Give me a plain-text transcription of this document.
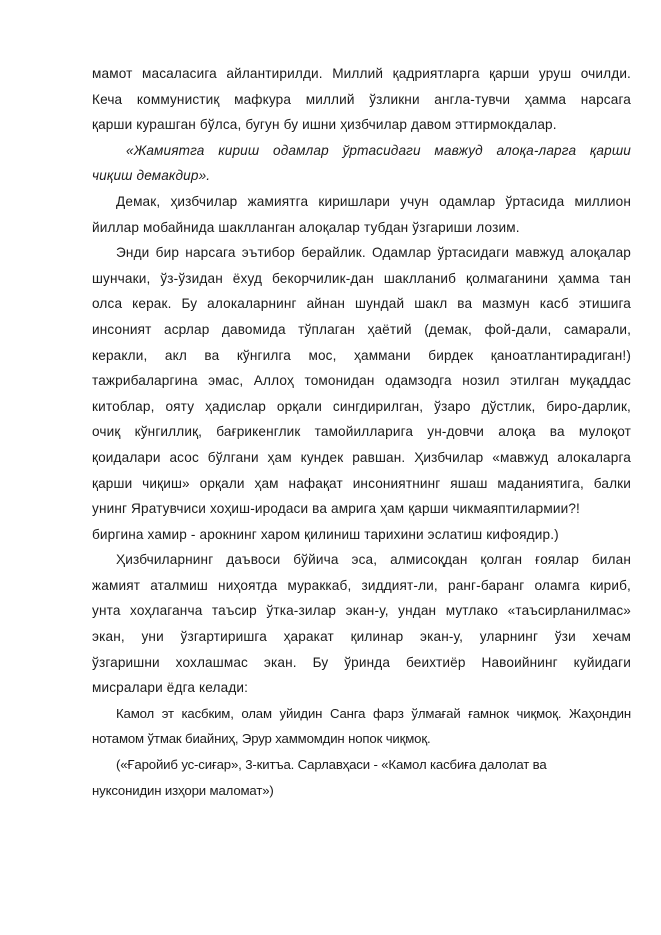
мамот масаласига айлантирилди. Миллий қадриятларга қарши уруш очилди.
Кеча коммунистиқ мафкура миллий ўзликни англа-тувчи ҳамма нарсага
қарши курашган бўлса, бугун бу ишни ҳизбчилар давом эттирмокдалар.
«Жамиятга кириш одамлар ўртасидаги мавжуд алоқа-ларга қарши
чиқиш демакдир».
Демак, ҳизбчилар жамиятга киришлари учун одамлар ўртасида миллион
йиллар мобайнида шаклланган алоқалар тубдан ўзгариши лозим.
Энди бир нарсага эътибор берайлик. Одамлар ўртасидаги мавжуд алоқалар
шунчаки, ўз-ўзидан ёхуд бекорчилик-дан шаклланиб қолмаганини ҳамма тан
олса керак. Бу алокаларнинг айнан шундай шакл ва мазмун касб этишига
инсоният асрлар давомида тўплаган ҳаётий (демак, фой-дали, самарали,
керакли, акл ва кўнгилга мос, ҳаммани бирдек қаноатлантирадиган!)
тажрибаларгина эмас, Аллоҳ томонидан одамзодга нозил этилган муқаддас
китоблар, ояту ҳадислар орқали сингдирилган, ўзаро дўстлик, биро-дарлик,
очиқ кўнгиллиқ, бағрикенглик тамойилларига ун-довчи алоқа ва мулоқот
қоидалари асос бўлгани ҳам кундек равшан. Ҳизбчилар «мавжуд алокаларга
қарши чиқиш» орқали ҳам нафақат инсониятнинг яшаш маданиятига, балки
унинг Яратувчиси хоҳиш-иродаси ва амрига ҳам қарши чикмаяптилармии?!
биргина хамир - арокнинг харом қилиниш тарихини эслатиш кифоядир.)
Ҳизбчиларнинг даъвоси бўйича эса, алмисоқдан қолган ғоялар билан
жамият аталмиш ниҳоятда мураккаб, зиддият-ли, ранг-баранг оламга кириб,
унта хоҳлаганча таъсир ўтка-зилар экан-у, ундан мутлако «таъсирланилмас»
экан, уни ўзгартиришга ҳаракат қилинар экан-у, уларнинг ўзи хечам
ўзгаришни хохлашмас экан. Бу ўринда беихтиёр Навоийнинг куйидаги
мисралари ёдга келади:
Камол эт касбким, олам уйидин Санга фарз ўлмағай ғамнок чиқмоқ. Жаҳондин
нотамом ўтмак биайниҳ, Эрур хаммомдин нопок чиқмоқ.
(«Ғаройиб ус-сиғар», 3-китъа. Сарлавҳаси - «Камол касбиға далолат ва
нуксонидин изҳори маломат»)
